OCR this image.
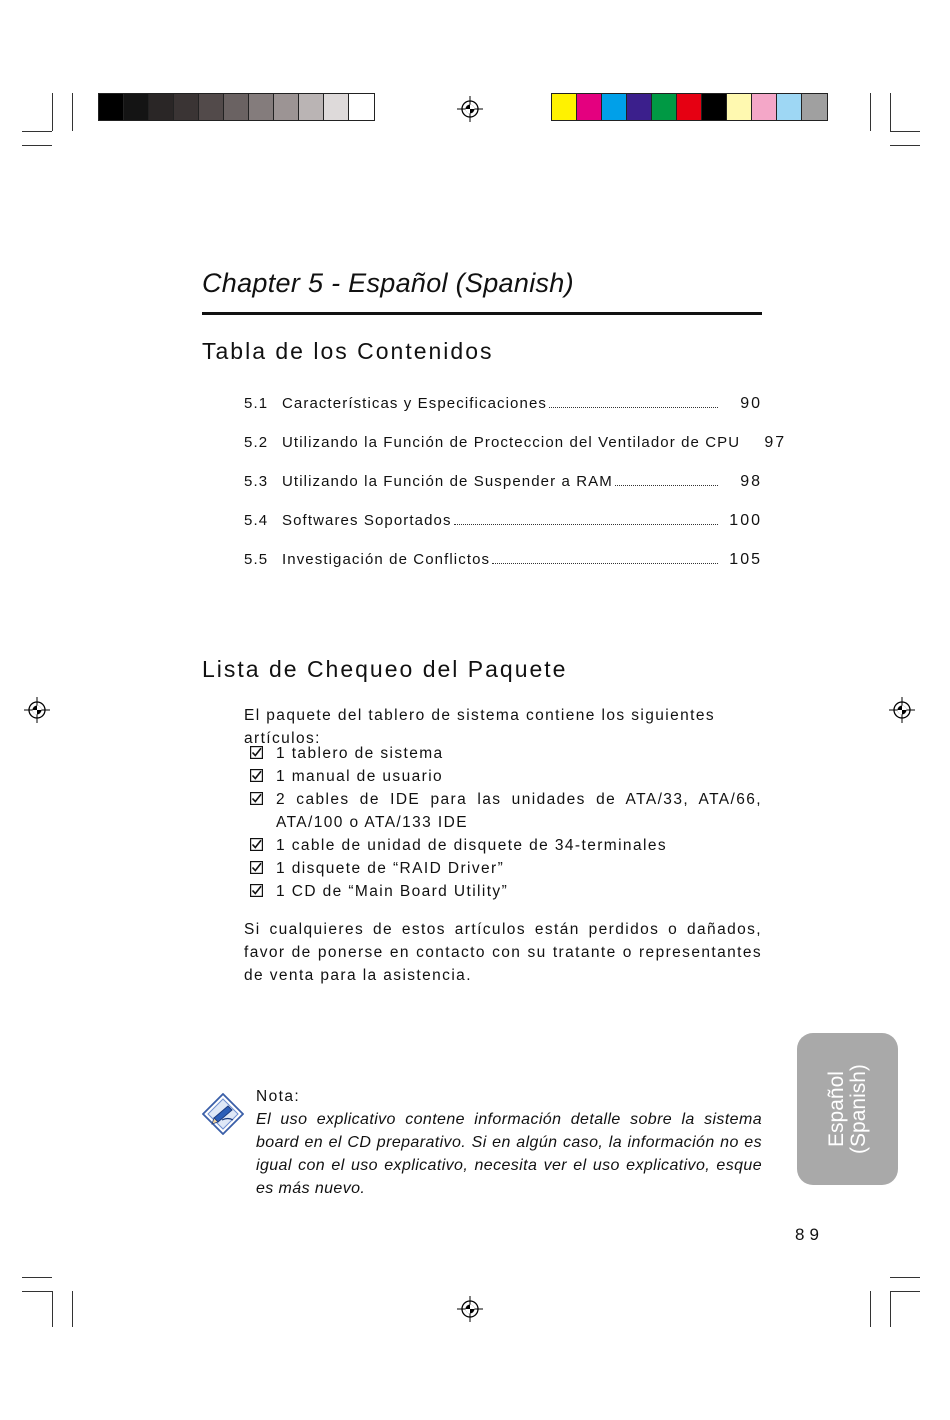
Chapter 5 - Español (Spanish)
Tabla de los Contenidos
5.1 Características y Especificaciones	90
5.2 Utilizando la Función de Procteccion del Ventilador de CPU	97
5.3 Utilizando la Función de Suspender a RAM	98
5.4 Softwares Soportados	100
5.5 Investigación de Conflictos	105
Lista de Chequeo del Paquete
El paquete del tablero de sistema contiene los siguientes artículos:
1 tablero de sistema
1 manual de usuario
2 cables de IDE para las unidades de ATA/33, ATA/66, ATA/100 o ATA/133 IDE
1 cable de unidad de disquete de 34-terminales
1 disquete de “RAID Driver”
1 CD de “Main Board Utility”
Si cualquieres de estos artículos están perdidos o dañados, favor de ponerse en contacto con su tratante o representantes de venta para la asistencia.
Nota:
El uso explicativo contene información detalle sobre la sistema board en el CD preparativo. Si en algún caso, la información no es igual con el uso explicativo, necesita ver el uso explicativo, esque es más nuevo.
Español (Spanish)
89
